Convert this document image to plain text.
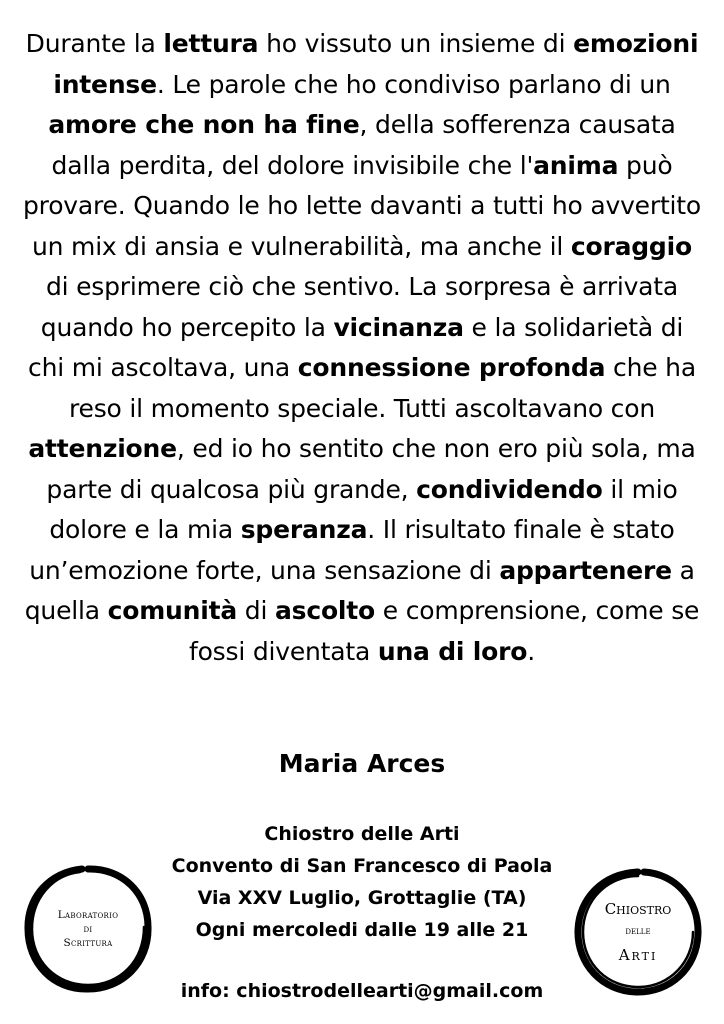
Durante la lettura ho vissuto un insieme di emozioni intense. Le parole che ho condiviso parlano di un amore che non ha fine, della sofferenza causata dalla perdita, del dolore invisibile che l'anima può provare. Quando le ho lette davanti a tutti ho avvertito un mix di ansia e vulnerabilità, ma anche il coraggio di esprimere ciò che sentivo. La sorpresa è arrivata quando ho percepito la vicinanza e la solidarietà di chi mi ascoltava, una connessione profonda che ha reso il momento speciale. Tutti ascoltavano con attenzione, ed io ho sentito che non ero più sola, ma parte di qualcosa più grande, condividendo il mio dolore e la mia speranza. Il risultato finale è stato un’emozione forte, una sensazione di appartenere a quella comunità di ascolto e comprensione, come se fossi diventata una di loro.
Maria Arces
Chiostro delle Arti
Convento di San Francesco di Paola
Via XXV Luglio, Grottaglie (TA)
Ogni mercoledi dalle 19 alle 21
info: chiostrodellearti@gmail.com
Laboratorio
di
Scrittura
Chiostro
delle
Arti
